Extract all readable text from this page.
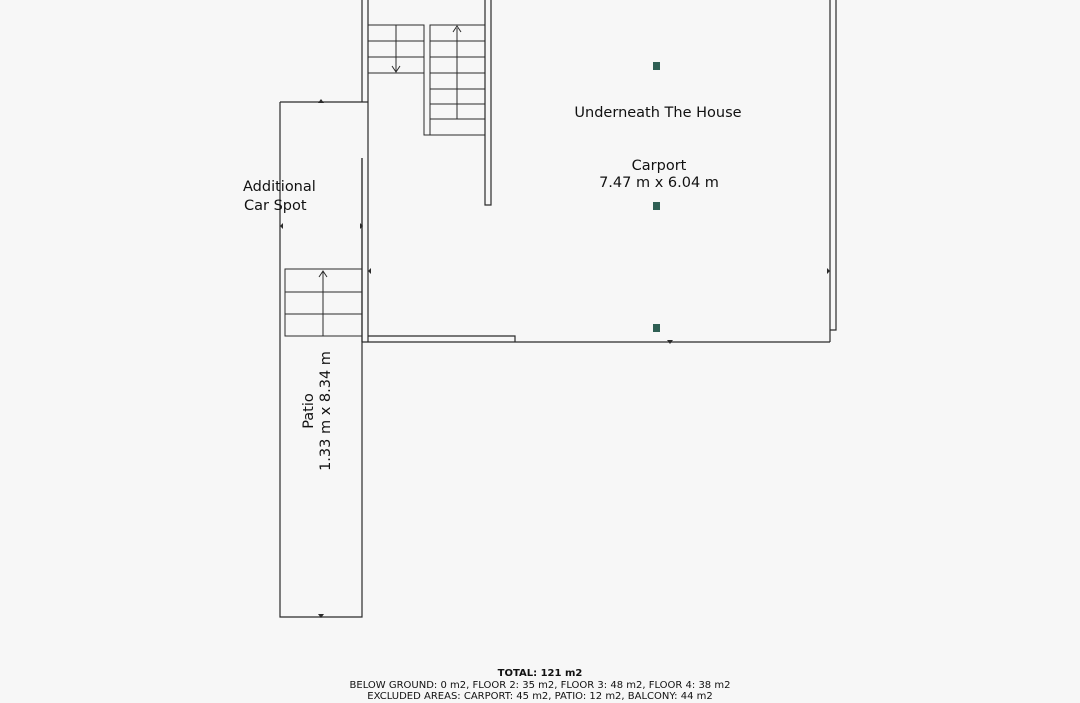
Underneath The House
Carport
7.47 m x 6.04 m
Additional
Car Spot
Patio 1.33 m x 8.34 m
TOTAL: 121 m2
BELOW GROUND: 0 m2, FLOOR 2: 35 m2, FLOOR 3: 48 m2, FLOOR 4: 38 m2
EXCLUDED AREAS: CARPORT: 45 m2, PATIO: 12 m2, BALCONY: 44 m2
